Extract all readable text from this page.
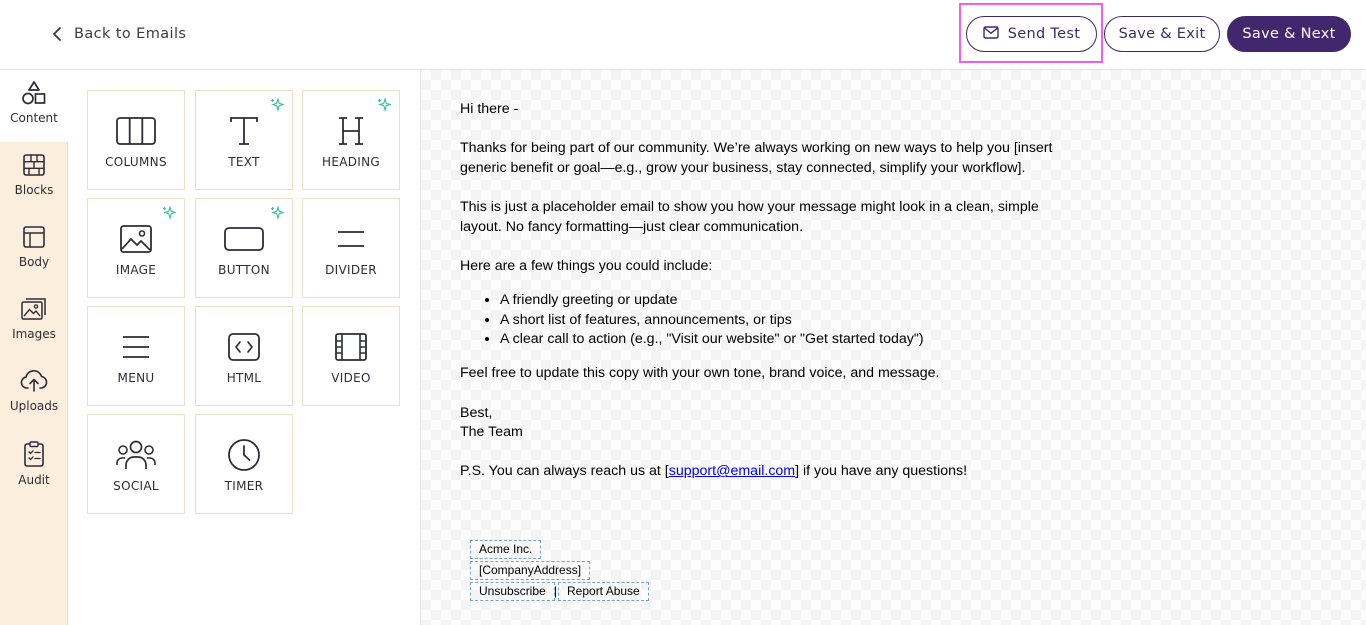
Back to Emails	Send Test	Save & Exit	Save & Next
Content
Blocks
Body
Images
Uploads
Audit
COLUMNS	TEXT	HEADING
IMAGE	BUTTON	DIVIDER
MENU	HTML	VIDEO
SOCIAL	TIMER

Hi there -

Thanks for being part of our community. We’re always working on new ways to help you [insert generic benefit or goal—e.g., grow your business, stay connected, simplify your workflow].

This is just a placeholder email to show you how your message might look in a clean, simple layout. No fancy formatting—just clear communication.

Here are a few things you could include:

• A friendly greeting or update
• A short list of features, announcements, or tips
• A clear call to action (e.g., "Visit our website" or "Get started today")

Feel free to update this copy with your own tone, brand voice, and message.

Best,
The Team

P.S. You can always reach us at [support@email.com] if you have any questions!

Acme Inc.
[CompanyAddress]
Unsubscribe | Report Abuse
